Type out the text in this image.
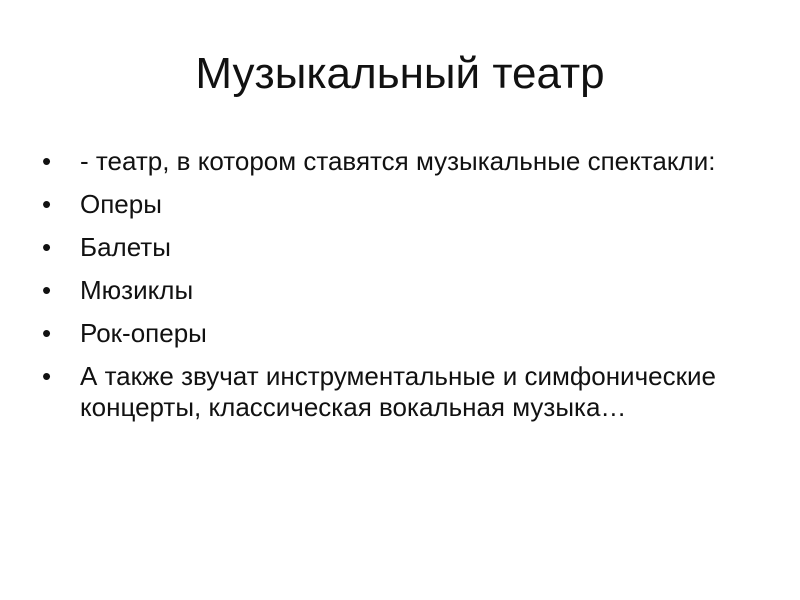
Музыкальный театр
•	- театр, в котором ставятся музыкальные спектакли:
•	Оперы
•	Балеты
•	Мюзиклы
•	Рок-оперы
•	А также звучат инструментальные и симфонические концерты, классическая вокальная музыка…
